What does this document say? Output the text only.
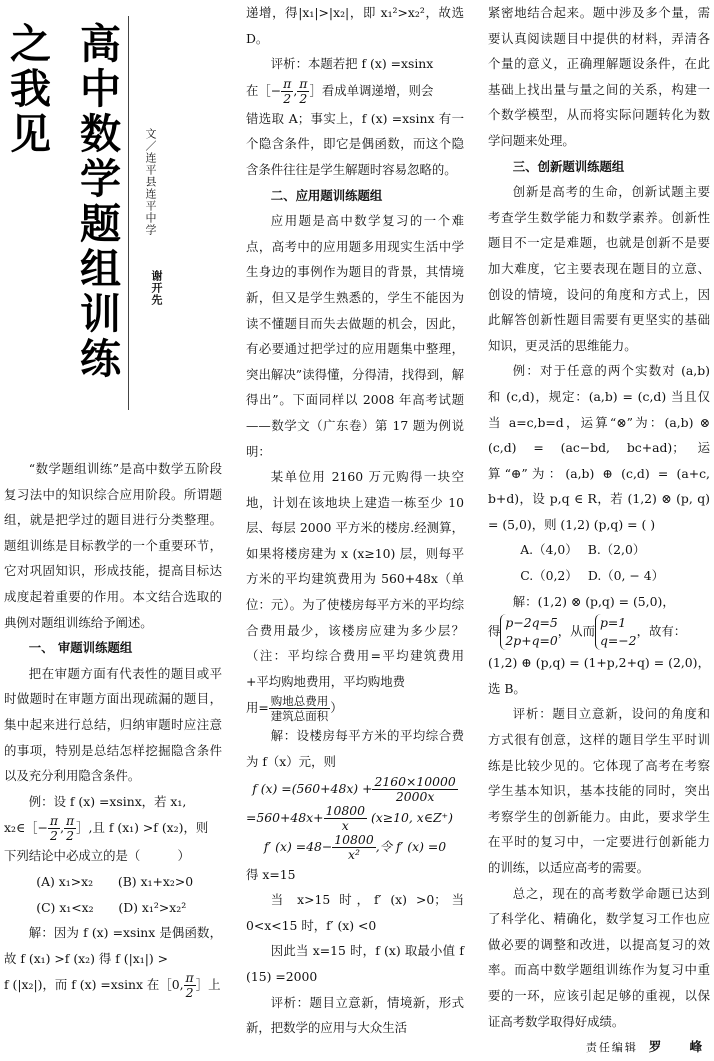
高中数学题组训练之我见
文／连平县连平中学
谢开先

“数学题组训练”是高中数学五阶段复习法中的知识综合应用阶段。所谓题组，就是把学过的题目进行分类整理。题组训练是目标教学的一个重要环节，它对巩固知识，形成技能，提高目标达成度起着重要的作用。本文结合选取的典例对题组训练给予阐述。

一、 审题训练题组

把在审题方面有代表性的题目或平时做题时在审题方面出现疏漏的题目，集中起来进行总结，归纳审题时应注意的事项，特别是总结怎样挖掘隐含条件以及充分利用隐含条件。

例：设 f (x) =xsinx，若 x₁,

x₂∈［− $\frac{\pi}{2}$ , $\frac{\pi}{2}$ ］,且 f (x₁) >f (x₂)，则

下列结论中必成立的是（　　　）

(A) x₁>x₂　　(B) x₁+x₂>0

(C) x₁<x₂　　(D) x₁²>x₂²

解：因为 f (x) =xsinx 是偶函数，故 f (x₁) >f (x₂) 得 f (|x₁|) >

f (|x₂|)，而 f (x) =xsinx 在［0, $\frac{\pi}{2}$ ］上

递增，得|x₁|>|x₂|，即 x₁²>x₂²，故选D。

评析：本题若把 f (x) =xsinx

在［− $\frac{\pi}{2}$ , $\frac{\pi}{2}$ ］看成单调递增，则会

错选取 A；事实上，f (x) =xsinx 有一个隐含条件，即它是偶函数，而这个隐含条件往往是学生解题时容易忽略的。

二、应用题训练题组

应用题是高中数学复习的一个难点，高考中的应用题多用现实生活中学生身边的事例作为题目的背景，其情境新，但又是学生熟悉的，学生不能因为读不懂题目而失去做题的机会，因此，有必要通过把学过的应用题集中整理，突出解决”读得懂，分得清，找得到，解得出”。下面同样以 2008 年高考试题——数学文（广东卷）第 17 题为例说明：

某单位用 2160 万元购得一块空地，计划在该地块上建造一栋至少 10 层、每层 2000 平方米的楼房.经测算，如果将楼房建为 x (x≥10) 层，则每平方米的平均建筑费用为 560+48x（单位：元）。为了使楼房每平方米的平均综合费用最少，该楼房应建为多少层？（注：平均综合费用=平均建筑费用+平均购地费用，平均购地费

用= $\frac{\text{购地总费用}}{\text{建筑总面积}}$ ）

解：设楼房每平方米的平均综合费为 f（x）元，则

f $(x) =(560+48x) + \frac{2160\times 10000}{2000x}$

$=560+48x+ \frac{10800}{x} (x\ge 10$, x∈Z⁺)

f′ $(x) =48- \frac{10800}{\text{x²}}$ ,令 f′ (x) =0

得 x=15

当 x>15 时，f′ (x) >0；当 0<x<15 时，f′ (x) <0

因此当 x=15 时，f (x) 取最小值 f (15) =2000

评析：题目立意新，情境新，形式新，把数学的应用与大众生活

紧密地结合起来。题中涉及多个量，需要认真阅读题目中提供的材料，弄清各个量的意义，正确理解题设条件，在此基础上找出量与量之间的关系，构建一个数学模型，从而将实际问题转化为数学问题来处理。

三、创新题训练题组

创新是高考的生命，创新试题主要考查学生数学能力和数学素养。创新性题目不一定是难题，也就是创新不是要加大难度，它主要表现在题目的立意、创设的情境，设问的角度和方式上，因此解答创新性题目需要有更坚实的基础知识，更灵活的思维能力。

例：对于任意的两个实数对 (a,b) 和 (c,d)，规定：(a,b) = (c,d) 当且仅当 a=c,b=d，运算“⊗”为：(a,b) ⊗ (c,d) = (ac−bd, bc+ad)；运算“⊕”为：(a,b) ⊕ (c,d) = (a+c, b+d)，设 p,q ∈ R，若 (1,2) ⊗ (p, q) = (5,0)，则 (1,2) (p,q) = ( )

A.（4,0）　 B.（2,0）

C.（0,2）　 D.（0, − 4）

解：(1,2) ⊗ (p,q) = (5,0)，

得
p−2q=5
2p+q=0
，从而
p=1
q=−2
，故有：

(1,2) ⊕ (p,q) = (1+p,2+q) = (2,0)，选 B。

评析：题目立意新，设问的角度和方式很有创意，这样的题目学生平时训练是比较少见的。它体现了高考在考察学生基本知识，基本技能的同时，突出考察学生的创新能力。由此，要求学生在平时的复习中，一定要进行创新能力的训练，以适应高考的需要。

总之，现在的高考数学命题已达到了科学化、精确化，数学复习工作也应做必要的调整和改进，以提高复习的效率。而高中数学题组训练作为复习中重要的一环，应该引起足够的重视，以保证高考数学取得好成绩。

责任编辑 罗　峰
